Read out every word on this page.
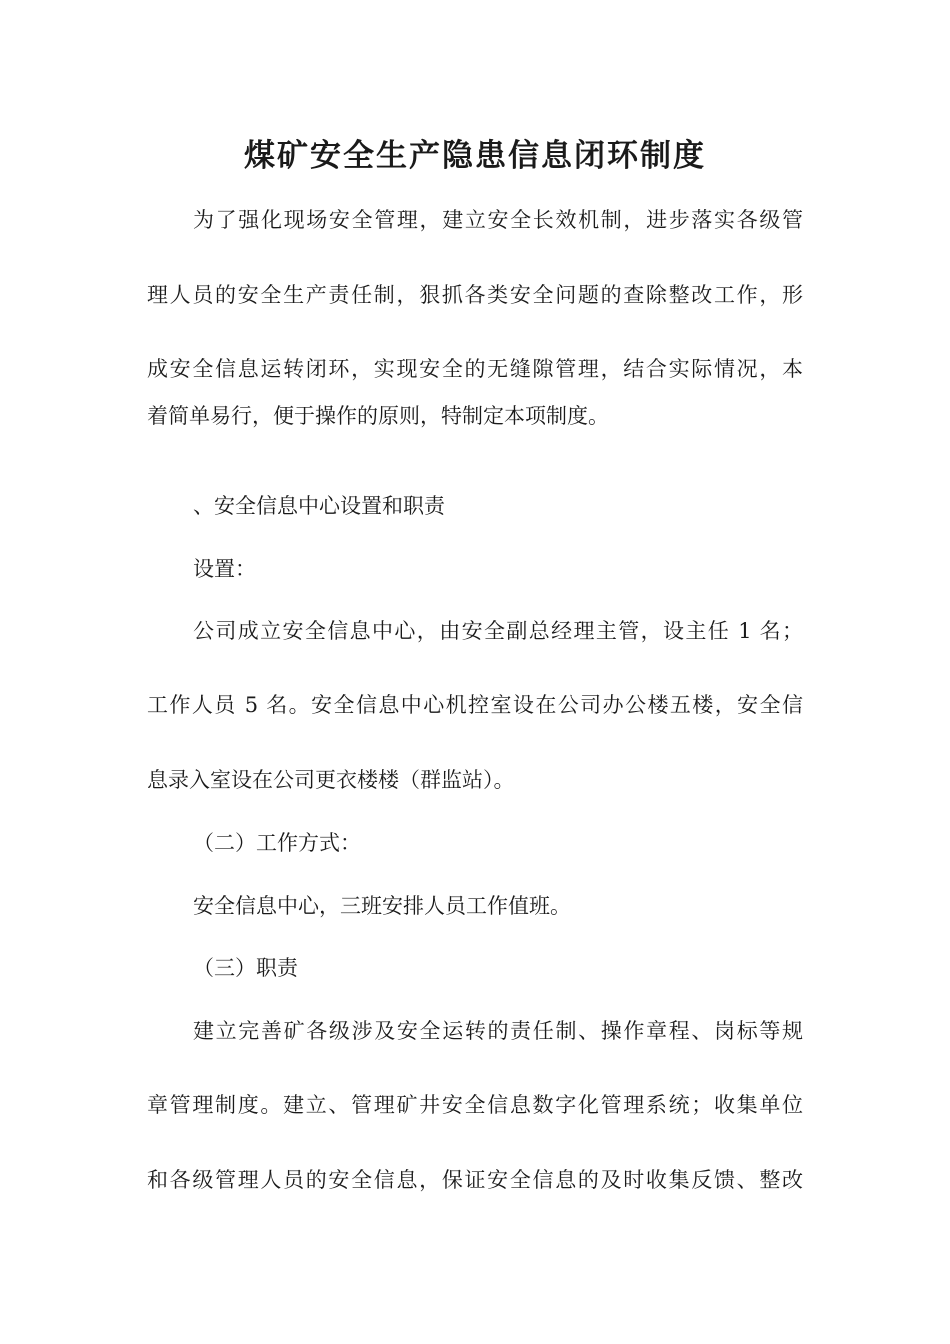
煤矿安全生产隐患信息闭环制度

为了强化现场安全管理，建立安全长效机制，进步落实各级管

理人员的安全生产责任制，狠抓各类安全问题的查除整改工作，形

成安全信息运转闭环，实现安全的无缝隙管理，结合实际情况，本

着简单易行，便于操作的原则，特制定本项制度。

、安全信息中心设置和职责

设置：

公司成立安全信息中心，由安全副总经理主管，设主任 1 名；

工作人员 5 名。安全信息中心机控室设在公司办公楼五楼，安全信

息录入室设在公司更衣楼楼（群监站）。

（二）工作方式：

安全信息中心，三班安排人员工作值班。

（三）职责

建立完善矿各级涉及安全运转的责任制、操作章程、岗标等规

章管理制度。建立、管理矿井安全信息数字化管理系统；收集单位

和各级管理人员的安全信息，保证安全信息的及时收集反馈、整改
